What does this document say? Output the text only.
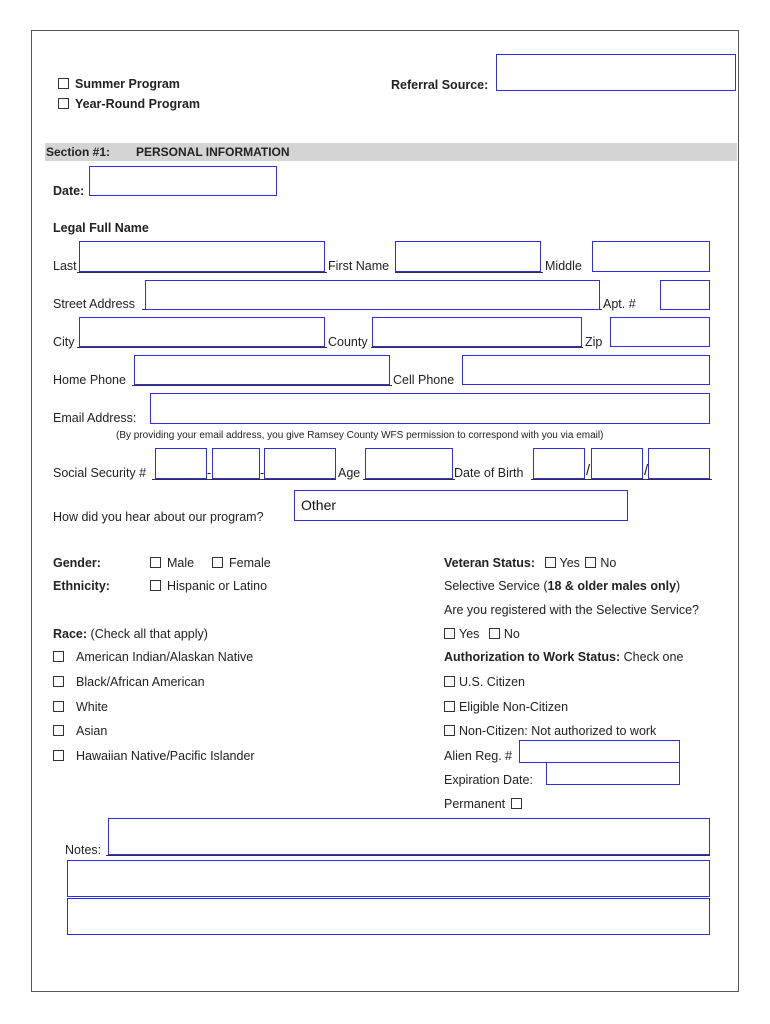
Summer Program
Year-Round Program
Referral Source:
Section #1: PERSONAL INFORMATION
Date:
Legal Full Name
Last	First Name	Middle
Street Address	Apt. #
City	County	Zip
Home Phone	Cell Phone
Email Address:
(By providing your email address, you give Ramsey County WFS permission to correspond with you via email)
Social Security #	-	-	Age	Date of Birth	/	/
How did you hear about our program?
Other
Gender:	Male	Female
Ethnicity:	Hispanic or Latino
Race: (Check all that apply)
American Indian/Alaskan Native
Black/African American
White
Asian
Hawaiian Native/Pacific Islander
Veteran Status: Yes No
Selective Service (18 & older males only)
Are you registered with the Selective Service?
Yes No
Authorization to Work Status: Check one
U.S. Citizen
Eligible Non-Citizen
Non-Citizen: Not authorized to work
Alien Reg. #
Expiration Date:
Permanent
Notes:
